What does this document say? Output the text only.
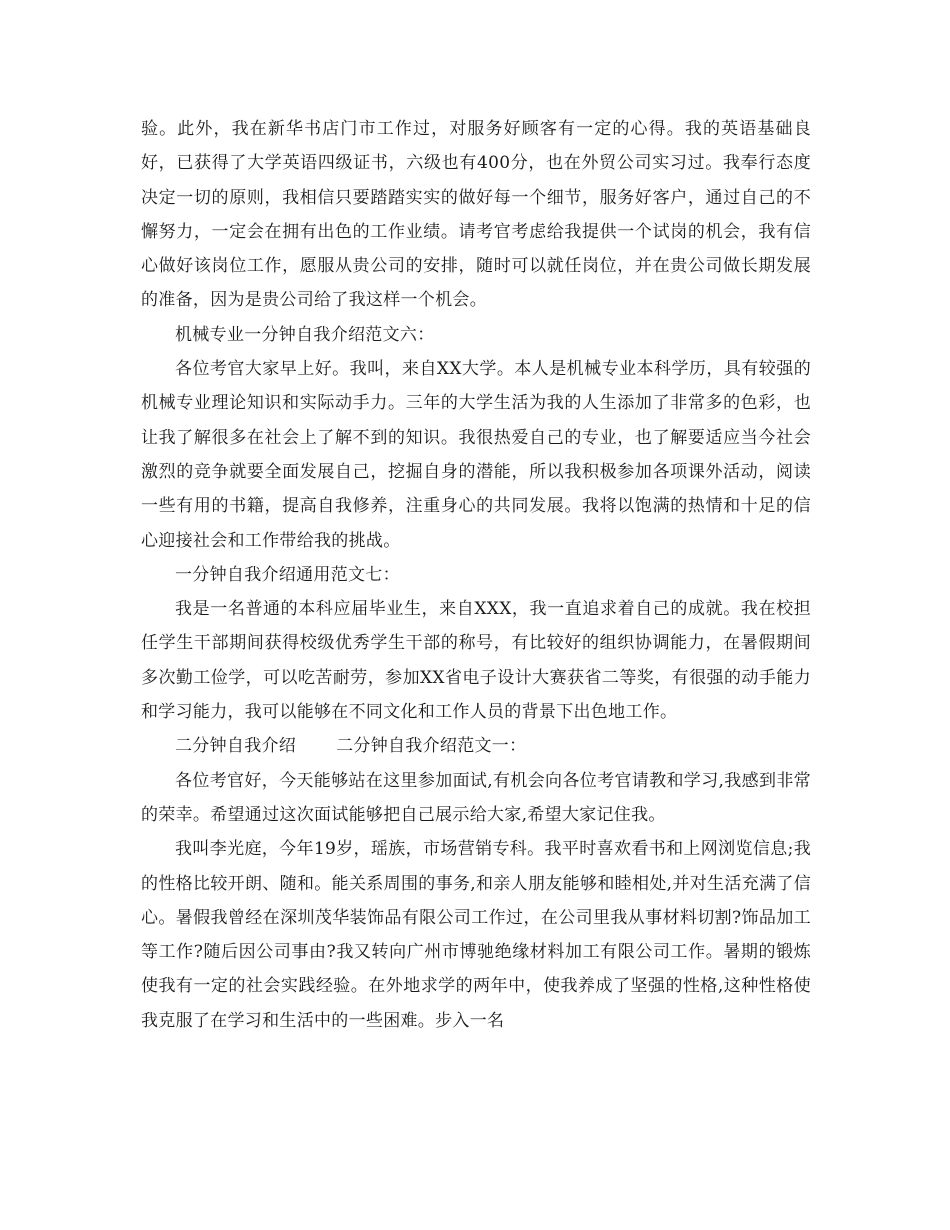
验。此外，我在新华书店门市工作过，对服务好顾客有一定的心得。我的英语基础良好，已获得了大学英语四级证书，六级也有400分，也在外贸公司实习过。我奉行态度决定一切的原则，我相信只要踏踏实实的做好每一个细节，服务好客户，通过自己的不懈努力，一定会在拥有出色的工作业绩。请考官考虑给我提供一个试岗的机会，我有信心做好该岗位工作，愿服从贵公司的安排，随时可以就任岗位，并在贵公司做长期发展的准备，因为是贵公司给了我这样一个机会。

机械专业一分钟自我介绍范文六：

各位考官大家早上好。我叫，来自XX大学。本人是机械专业本科学历，具有较强的机械专业理论知识和实际动手力。三年的大学生活为我的人生添加了非常多的色彩，也让我了解很多在社会上了解不到的知识。我很热爱自己的专业，也了解要适应当今社会激烈的竞争就要全面发展自己，挖掘自身的潜能，所以我积极参加各项课外活动，阅读一些有用的书籍，提高自我修养，注重身心的共同发展。我将以饱满的热情和十足的信心迎接社会和工作带给我的挑战。

一分钟自我介绍通用范文七：

我是一名普通的本科应届毕业生，来自XXX，我一直追求着自己的成就。我在校担任学生干部期间获得校级优秀学生干部的称号，有比较好的组织协调能力，在暑假期间多次勤工俭学，可以吃苦耐劳，参加XX省电子设计大赛获省二等奖，有很强的动手能力和学习能力，我可以能够在不同文化和工作人员的背景下出色地工作。

二分钟自我介绍 二分钟自我介绍范文一：

各位考官好，今天能够站在这里参加面试,有机会向各位考官请教和学习,我感到非常的荣幸。希望通过这次面试能够把自己展示给大家,希望大家记住我。

我叫李光庭，今年19岁，瑶族，市场营销专科。我平时喜欢看书和上网浏览信息;我的性格比较开朗、随和。能关系周围的事务,和亲人朋友能够和睦相处,并对生活充满了信心。暑假我曾经在深圳茂华装饰品有限公司工作过，在公司里我从事材料切割?饰品加工等工作?随后因公司事由?我又转向广州市博驰绝缘材料加工有限公司工作。暑期的锻炼使我有一定的社会实践经验。在外地求学的两年中，使我养成了坚强的性格,这种性格使我克服了在学习和生活中的一些困难。步入一名
